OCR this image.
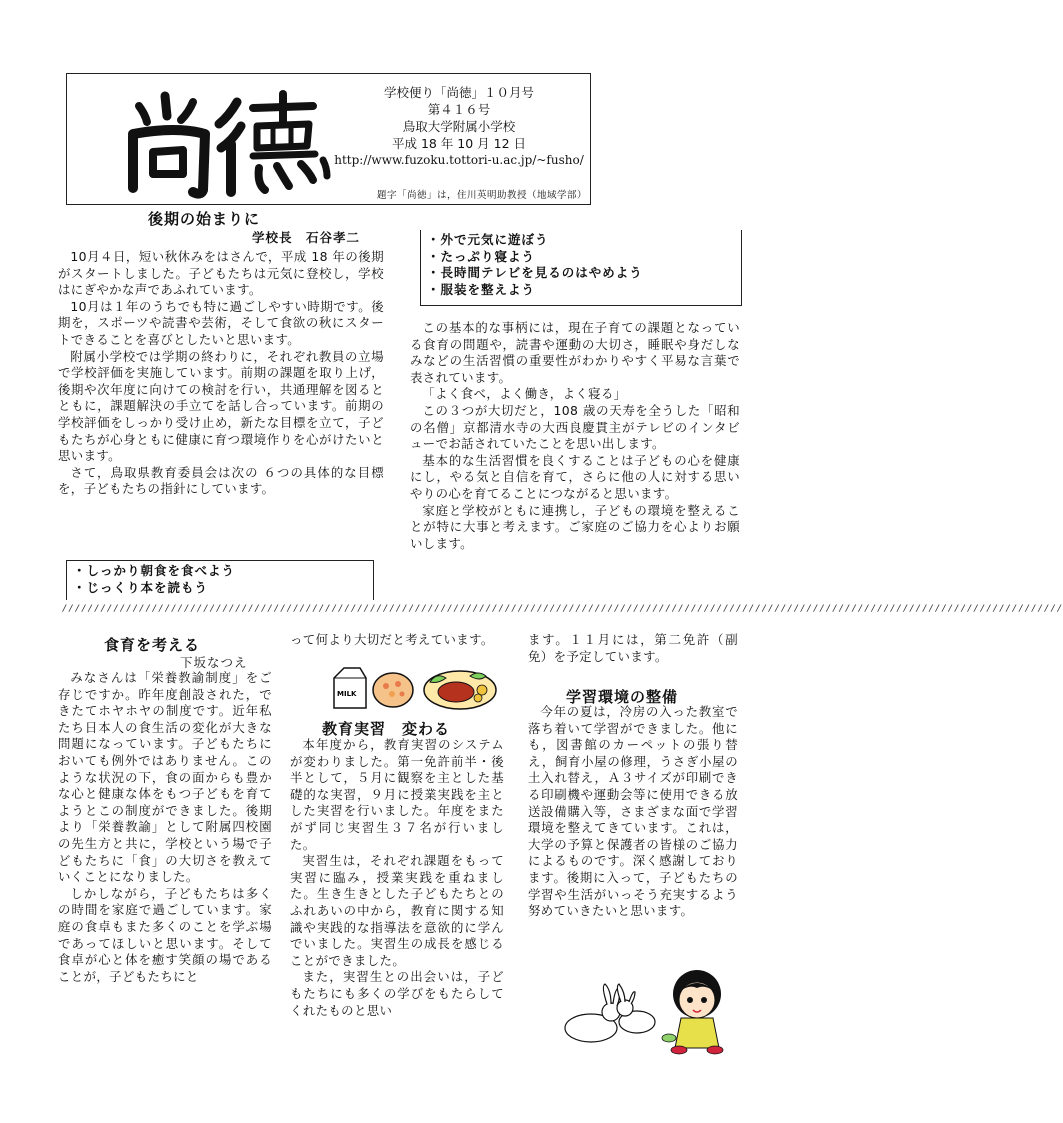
学校便り「尚徳」１０月号
第４１６号
鳥取大学附属小学校
平成 18 年 10 月 12 日
http://www.fuzoku.tottori-u.ac.jp/~fusho/
題字「尚徳」は，住川英明助教授（地域学部）
後期の始まりに
学校長　石谷孝二

10月４日，短い秋休みをはさんで，平成 18 年の後期がスタートしました。子どもたちは元気に登校し，学校はにぎやかな声であふれています。

10月は１年のうちでも特に過ごしやすい時期です。後期を，スポーツや読書や芸術，そして食欲の秋にスタートできることを喜びとしたいと思います。

附属小学校では学期の終わりに，それぞれ教員の立場で学校評価を実施しています。前期の課題を取り上げ，後期や次年度に向けての検討を行い，共通理解を図るとともに，課題解決の手立てを話し合っています。前期の学校評価をしっかり受け止め，新たな目標を立て，子どもたちが心身ともに健康に育つ環境作りを心がけたいと思います。

さて，鳥取県教育委員会は次の ６つの具体的な目標を，子どもたちの指針にしています。

・しっかり朝食を食べよう
・じっくり本を読もう
・外で元気に遊ぼう
・たっぷり寝よう
・長時間テレビを見るのはやめよう
・服装を整えよう

この基本的な事柄には，現在子育ての課題となっている食育の問題や，読書や運動の大切さ，睡眠や身だしなみなどの生活習慣の重要性がわかりやすく平易な言葉で表されています。

「よく食べ，よく働き，よく寝る」

この３つが大切だと，108 歳の天寿を全うした「昭和の名僧」京都清水寺の大西良慶貫主がテレビのインタビューでお話されていたことを思い出します。

基本的な生活習慣を良くすることは子どもの心を健康にし，やる気と自信を育て，さらに他の人に対する思いやりの心を育てることにつながると思います。

家庭と学校がともに連携し，子どもの環境を整えることが特に大事と考えます。ご家庭のご協力を心よりお願いします。

////////////////////////////////////////////////////////////////////////////////////////////////////////////////////////////////////////////////////////////
食育を考える
下坂なつえ

みなさんは「栄養教諭制度」をご存じですか。昨年度創設された，できたてホヤホヤの制度です。近年私たち日本人の食生活の変化が大きな問題になっています。子どもたちにおいても例外ではありません。このような状況の下，食の面からも豊かな心と健康な体をもつ子どもを育てようとこの制度ができました。後期より「栄養教諭」として附属四校園の先生方と共に，学校という場で子どもたちに「食」の大切さを教えていくことになりました。

しかしながら，子どもたちは多くの時間を家庭で過ごしています。家庭の食卓もまた多くのことを学ぶ場であってほしいと思います。そして食卓が心と体を癒す笑顔の場であることが，子どもたちにと

って何より大切だと考えています。

MILK
教育実習　変わる

本年度から，教育実習のシステムが変わりました。第一免許前半・後半として，５月に観察を主とした基礎的な実習，９月に授業実践を主とした実習を行いました。年度をまたがず同じ実習生３７名が行いました。

実習生は，それぞれ課題をもって実習に臨み，授業実践を重ねました。生き生きとした子どもたちとのふれあいの中から，教育に関する知識や実践的な指導法を意欲的に学んでいました。実習生の成長を感じることができました。

また，実習生との出会いは，子どもたちにも多くの学びをもたらしてくれたものと思い

ます。１１月には，第二免許（副免）を予定しています。

学習環境の整備

今年の夏は，冷房の入った教室で落ち着いて学習ができました。他にも，図書館のカーペットの張り替え，飼育小屋の修理，うさぎ小屋の土入れ替え，Ａ３サイズが印刷できる印刷機や運動会等に使用できる放送設備購入等，さまざまな面で学習環境を整えてきています。これは，大学の予算と保護者の皆様のご協力によるものです。深く感謝しております。後期に入って，子どもたちの学習や生活がいっそう充実するよう努めていきたいと思います。
